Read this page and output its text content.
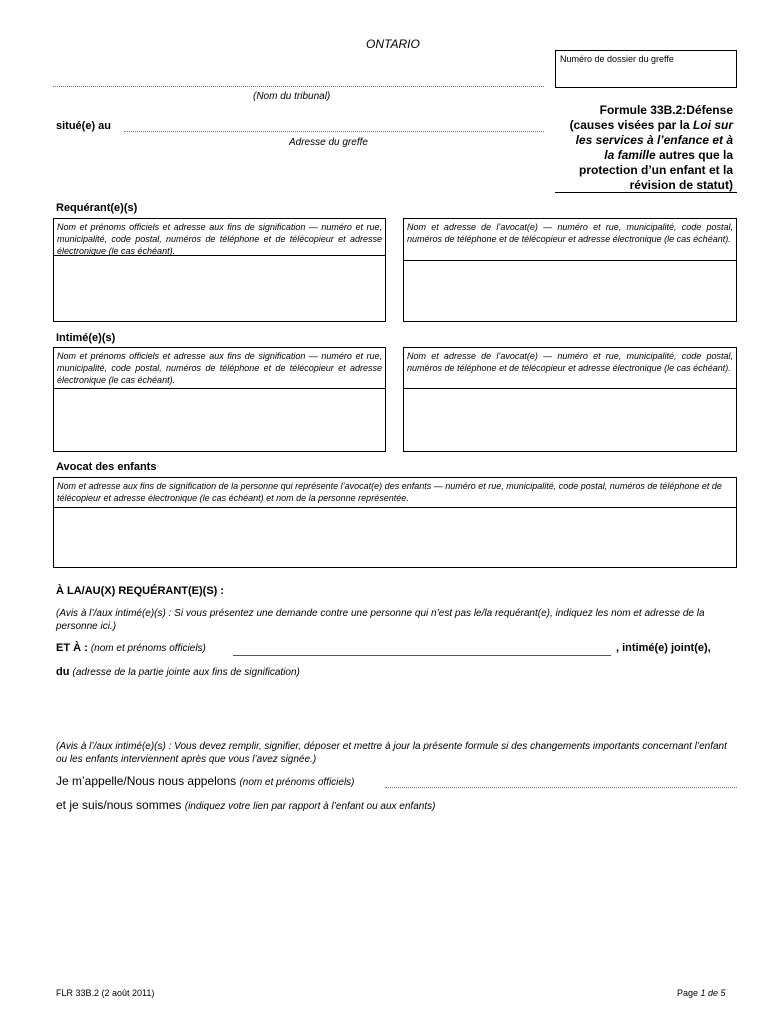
ONTARIO
Numéro de dossier du greffe
(Nom du tribunal)
situé(e) au
Adresse du greffe
Formule 33B.2:Défense
(causes visées par la Loi sur
les services à l’enfance et à
la famille autres que la
protection d’un enfant et la
révision de statut)
Requérant(e)(s)
Nom et prénoms officiels et adresse aux fins de signification — numéro et rue, municipalité, code postal, numéros de téléphone et de télécopieur et adresse électronique (le cas échéant).
Nom et adresse de l’avocat(e) — numéro et rue, municipalité, code postal, numéros de téléphone et de télécopieur et adresse électronique (le cas échéant).
Intimé(e)(s)
Nom et prénoms officiels et adresse aux fins de signification — numéro et rue, municipalité, code postal, numéros de téléphone et de télécopieur et adresse électronique (le cas échéant).
Nom et adresse de l’avocat(e) — numéro et rue, municipalité, code postal, numéros de téléphone et de télécopieur et adresse électronique (le cas échéant).
Avocat des enfants
Nom et adresse aux fins de signification de la personne qui représente l’avocat(e) des enfants — numéro et rue, municipalité, code postal, numéros de téléphone et de télécopieur et adresse électronique (le cas échéant) et nom de la personne représentée.
À LA/AU(X) REQUÉRANT(E)(S) :
(Avis à l’/aux intimé(e)(s) : Si vous présentez une demande contre une personne qui n’est pas le/la requérant(e), indiquez les nom et adresse de la personne ici.)
ET À : (nom et prénoms officiels)	, intimé(e) joint(e),
du (adresse de la partie jointe aux fins de signification)
(Avis à l’/aux intimé(e)(s) : Vous devez remplir, signifier, déposer et mettre à jour la présente formule si des changements importants concernant l’enfant ou les enfants interviennent après que vous l’avez signée.)
Je m’appelle/Nous nous appelons (nom et prénoms officiels)
et je suis/nous sommes (indiquez votre lien par rapport à l’enfant ou aux enfants)
FLR 33B.2 (2 août 2011)	Page 1 de 5
